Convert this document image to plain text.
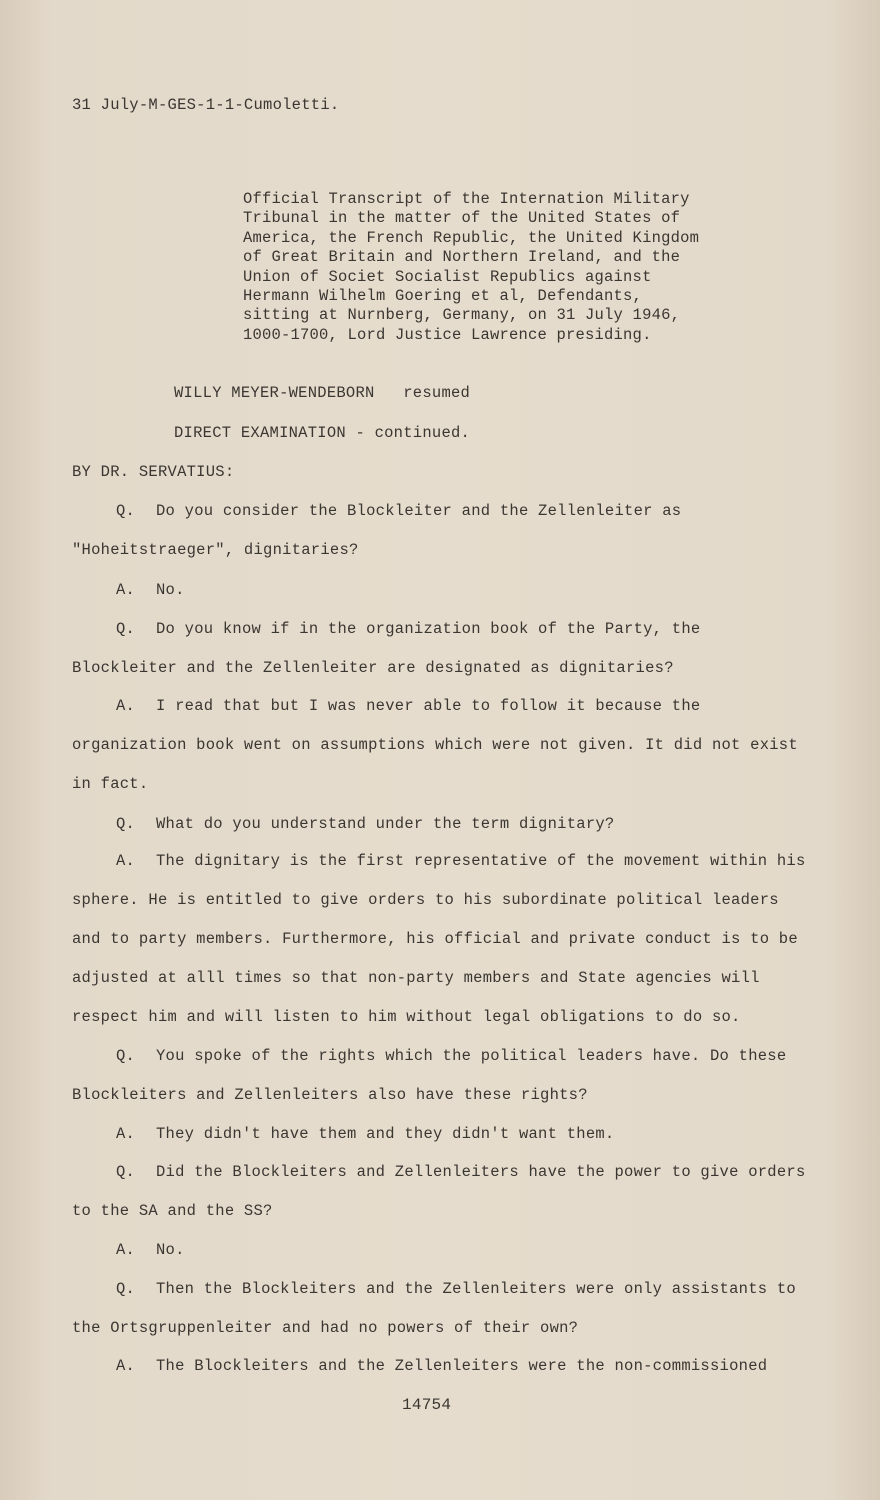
31 July-M-GES-1-1-Cumoletti.
Official Transcript of the Internation Military
Tribunal in the matter of the United States of
America, the French Republic, the United Kingdom
of Great Britain and Northern Ireland, and the
Union of Societ Socialist Republics against
Hermann Wilhelm Goering et al, Defendants,
sitting at Nurnberg, Germany, on 31 July 1946,
1000-1700, Lord Justice Lawrence presiding.
WILLY MEYER-WENDEBORN   resumed
DIRECT EXAMINATION - continued.
BY DR. SERVATIUS:
Q. Do you consider the Blockleiter and the Zellenleiter as "Hoheitstraeger", dignitaries?
A. No.
Q. Do you know if in the organization book of the Party, the Blockleiter and the Zellenleiter are designated as dignitaries?
A. I read that but I was never able to follow it because the organization book went on assumptions which were not given. It did not exist in fact.
Q. What do you understand under the term dignitary?
A. The dignitary is the first representative of the movement within his sphere. He is entitled to give orders to his subordinate political leaders and to party members. Furthermore, his official and private conduct is to be adjusted at alll times so that non-party members and State agencies will respect him and will listen to him without legal obligations to do so.
Q. You spoke of the rights which the political leaders have. Do these Blockleiters and Zellenleiters also have these rights?
A. They didn't have them and they didn't want them.
Q. Did the Blockleiters and Zellenleiters have the power to give orders to the SA and the SS?
A. No.
Q. Then the Blockleiters and the Zellenleiters were only assistants to the Ortsgruppenleiter and had no powers of their own?
A. The Blockleiters and the Zellenleiters were the non-commissioned
14754
